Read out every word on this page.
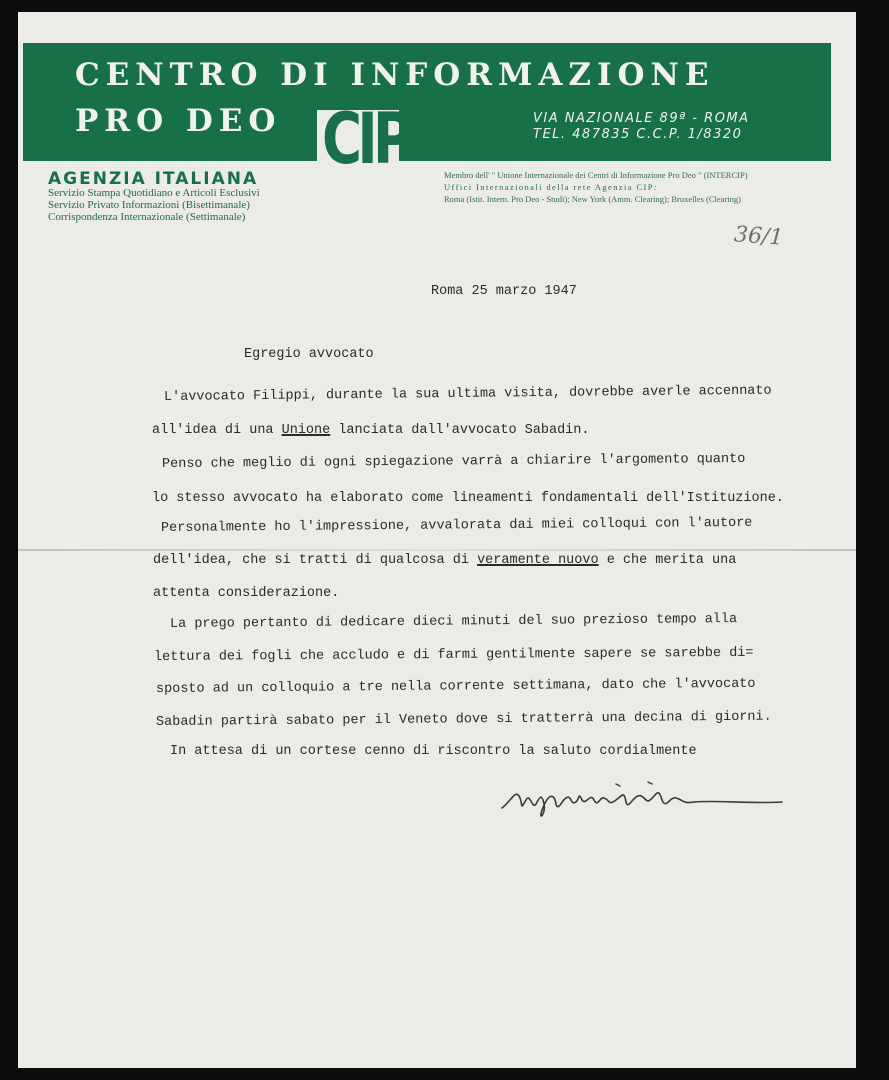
CENTRO DI INFORMAZIONE
PRO DEO	VIA NAZIONALE 89ª - ROMA
TEL. 487835 C.C.P. 1/8320
CIP
AGENZIA ITALIANA
Servizio Stampa Quotidiano e Articoli Esclusivi
Servizio Privato Informazioni (Bisettimanale)
Corrispondenza Internazionale (Settimanale)
Membro dell' " Unione Internazionale dei Centri di Informazione Pro Deo " (INTERCIP)
Uffici Internazionali della rete Agenzia CIP:
Roma (Istit. Intern. Pro Deo - Studi); New York (Amm. Clearing); Bruxelles (Clearing)
36/1
Roma 25 marzo 1947
Egregio avvocato
L'avvocato Filippi, durante la sua ultima visita, dovrebbe averle accennato
all'idea di una Unione lanciata dall'avvocato Sabadin.
Penso che meglio di ogni spiegazione varrà a chiarire l'argomento quanto
lo stesso avvocato ha elaborato come lineamenti fondamentali dell'Istituzione.
Personalmente ho l'impressione, avvalorata dai miei colloqui con l'autore
dell'idea, che si tratti di qualcosa di veramente nuovo e che merita una
attenta considerazione.
La prego pertanto di dedicare dieci minuti del suo prezioso tempo alla
lettura dei fogli che accludo e di farmi gentilmente sapere se sarebbe di=
sposto ad un colloquio a tre nella corrente settimana, dato che l'avvocato
Sabadin partirà sabato per il Veneto dove si tratterrà una decina di giorni.
In attesa di un cortese cenno di riscontro la saluto cordialmente
